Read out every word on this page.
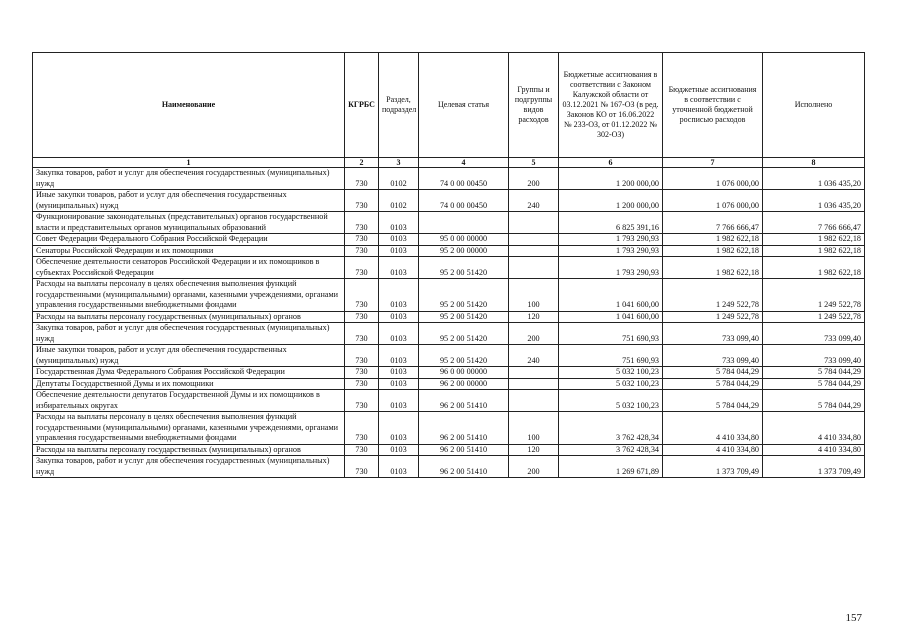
Наименование	КГРБС	Раздел, подраздел	Целевая статья	Группы и подгруппы видов расходов	Бюджетные ассигнования в соответствии с Законом Калужской области от 03.12.2021 № 167-ОЗ (в ред. Законов КО от 16.06.2022 № 233-ОЗ, от 01.12.2022 № 302-ОЗ)	Бюджетные ассигнования в соответствии с уточненной бюджетной росписью расходов	Исполнено
1	2	3	4	5	6	7	8
Закупка товаров, работ и услуг для обеспечения государственных (муниципальных) нужд	730	0102	74 0 00 00450	200	1 200 000,00	1 076 000,00	1 036 435,20
Иные закупки товаров, работ и услуг для обеспечения государственных (муниципальных) нужд	730	0102	74 0 00 00450	240	1 200 000,00	1 076 000,00	1 036 435,20
Функционирование законодательных (представительных) органов государственной власти и представительных органов муниципальных образований	730	0103			6 825 391,16	7 766 666,47	7 766 666,47
Совет Федерации Федерального Собрания Российской Федерации	730	0103	95 0 00 00000		1 793 290,93	1 982 622,18	1 982 622,18
Сенаторы Российской Федерации и их помощники	730	0103	95 2 00 00000		1 793 290,93	1 982 622,18	1 982 622,18
Обеспечение деятельности сенаторов Российской Федерации и их помощников в субъектах Российской Федерации	730	0103	95 2 00 51420		1 793 290,93	1 982 622,18	1 982 622,18
Расходы на выплаты персоналу в целях обеспечения выполнения функций государственными (муниципальными) органами, казенными учреждениями, органами управления государственными внебюджетными фондами	730	0103	95 2 00 51420	100	1 041 600,00	1 249 522,78	1 249 522,78
Расходы на выплаты персоналу государственных (муниципальных) органов	730	0103	95 2 00 51420	120	1 041 600,00	1 249 522,78	1 249 522,78
Закупка товаров, работ и услуг для обеспечения государственных (муниципальных) нужд	730	0103	95 2 00 51420	200	751 690,93	733 099,40	733 099,40
Иные закупки товаров, работ и услуг для обеспечения государственных (муниципальных) нужд	730	0103	95 2 00 51420	240	751 690,93	733 099,40	733 099,40
Государственная Дума Федерального Собрания Российской Федерации	730	0103	96 0 00 00000		5 032 100,23	5 784 044,29	5 784 044,29
Депутаты Государственной Думы и их помощники	730	0103	96 2 00 00000		5 032 100,23	5 784 044,29	5 784 044,29
Обеспечение деятельности депутатов Государственной Думы и их помощников в избирательных округах	730	0103	96 2 00 51410		5 032 100,23	5 784 044,29	5 784 044,29
Расходы на выплаты персоналу в целях обеспечения выполнения функций государственными (муниципальными) органами, казенными учреждениями, органами управления государственными внебюджетными фондами	730	0103	96 2 00 51410	100	3 762 428,34	4 410 334,80	4 410 334,80
Расходы на выплаты персоналу государственных (муниципальных) органов	730	0103	96 2 00 51410	120	3 762 428,34	4 410 334,80	4 410 334,80
Закупка товаров, работ и услуг для обеспечения государственных (муниципальных) нужд	730	0103	96 2 00 51410	200	1 269 671,89	1 373 709,49	1 373 709,49
157
